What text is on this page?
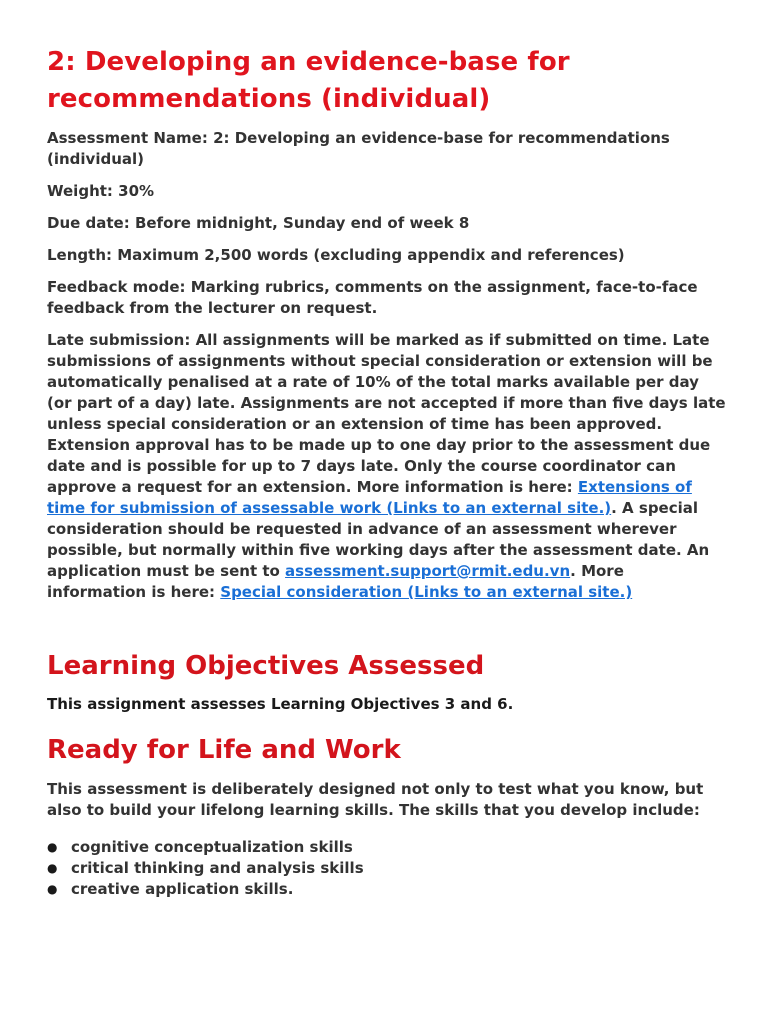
2: Developing an evidence-base for recommendations (individual)

Assessment Name: 2: Developing an evidence-base for recommendations (individual)

Weight: 30%

Due date: Before midnight, Sunday end of week 8

Length: Maximum 2,500 words (excluding appendix and references)

Feedback mode: Marking rubrics, comments on the assignment, face-to-face feedback from the lecturer on request.

Late submission: All assignments will be marked as if submitted on time. Late submissions of assignments without special consideration or extension will be automatically penalised at a rate of 10% of the total marks available per day (or part of a day) late. Assignments are not accepted if more than five days late unless special consideration or an extension of time has been approved. Extension approval has to be made up to one day prior to the assessment due date and is possible for up to 7 days late. Only the course coordinator can approve a request for an extension. More information is here: Extensions of time for submission of assessable work (Links to an external site.). A special consideration should be requested in advance of an assessment wherever possible, but normally within five working days after the assessment date. An application must be sent to assessment.support@rmit.edu.vn. More information is here: Special consideration (Links to an external site.)

Learning Objectives Assessed

This assignment assesses Learning Objectives 3 and 6.

Ready for Life and Work

This assessment is deliberately designed not only to test what you know, but also to build your lifelong learning skills. The skills that you develop include:

● cognitive conceptualization skills
● critical thinking and analysis skills
● creative application skills.
